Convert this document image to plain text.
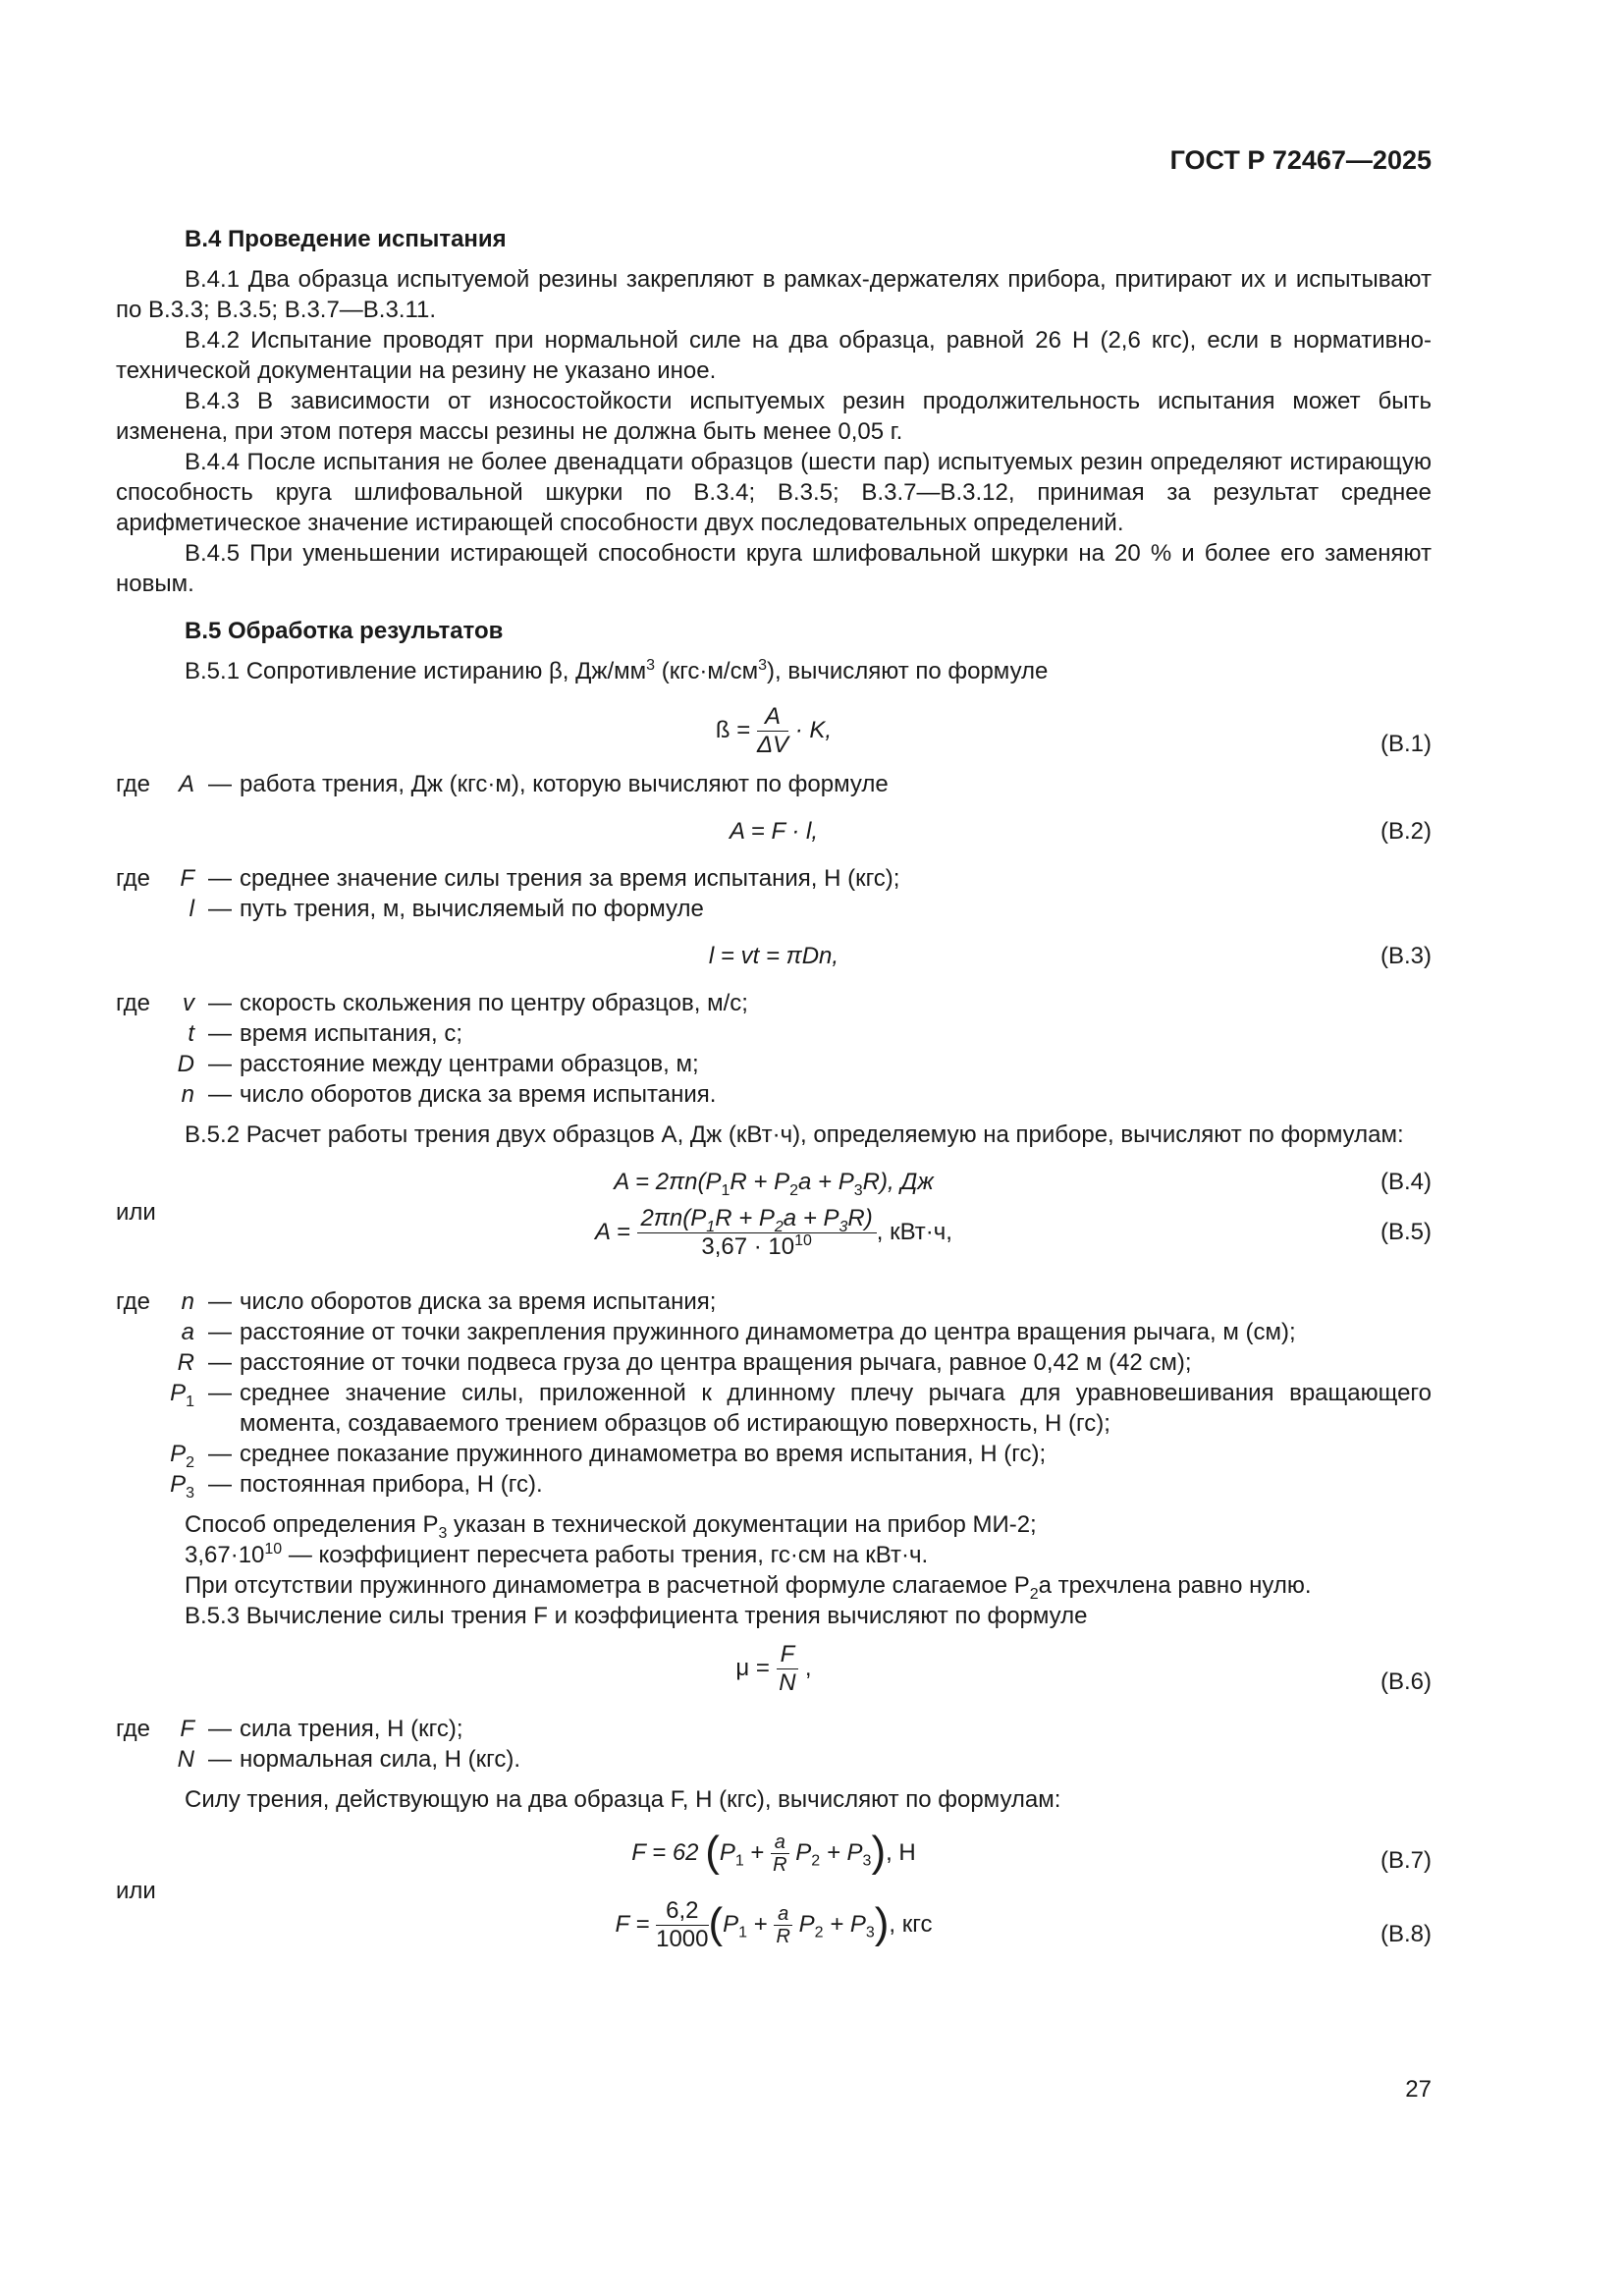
ГОСТ Р 72467—2025

В.4 Проведение испытания

В.4.1 Два образца испытуемой резины закрепляют в рамках-держателях прибора, притирают их и испытывают по В.3.3; В.3.5; В.3.7—В.3.11.

В.4.2 Испытание проводят при нормальной силе на два образца, равной 26 Н (2,6 кгс), если в нормативно-технической документации на резину не указано иное.

В.4.3 В зависимости от износостойкости испытуемых резин продолжительность испытания может быть изменена, при этом потеря массы резины не должна быть менее 0,05 г.

В.4.4 После испытания не более двенадцати образцов (шести пар) испытуемых резин определяют истирающую способность круга шлифовальной шкурки по В.3.4; В.3.5; В.3.7—В.3.12, принимая за результат среднее арифметическое значение истирающей способности двух последовательных определений.

В.4.5 При уменьшении истирающей способности круга шлифовальной шкурки на 20 % и более его заменяют новым.

В.5 Обработка результатов

В.5.1 Сопротивление истиранию β, $Дж/мм^3$ $(кгс\cdot м/см^3)$, вычисляют по формуле

ß = $\frac{A}{\Delta V} \cdot K$,
(В.1)
где	A — работа трения, Дж (кгс·м), которую вычисляют по формуле
A = F · l,	(В.2)
где	F — среднее значение силы трения за время испытания, Н (кгс);
l — путь трения, м, вычисляемый по формуле
l = vt = πDn,	(В.3)
где	v — скорость скольжения по центру образцов, м/с;
t — время испытания, с;
D — расстояние между центрами образцов, м;
n — число оборотов диска за время испытания.

В.5.2 Расчет работы трения двух образцов A, Дж (кВт·ч), определяемую на приборе, вычисляют по формулам:

$A = 2\pi n(P_1R + P_2a + P_3R)$, Дж	(В.4)
или
$A = \frac{2\pi n(P_1R + P_2a + P_3R)}{3,67 \cdot 10^{10}}$ , кВт·ч,	(В.5)
где	n — число оборотов диска за время испытания;
a — расстояние от точки закрепления пружинного динамометра до центра вращения рычага, м (см);
R — расстояние от точки подвеса груза до центра вращения рычага, равное 0,42 м (42 см);
$P_1$ — среднее значение силы, приложенной к длинному плечу рычага для уравновешивания вращающего момента, создаваемого трением образцов об истирающую поверхность, Н (гс);
$P_2$ — среднее показание пружинного динамометра во время испытания, Н (гс);
$P_3$ — постоянная прибора, Н (гс).

Способ определения $P_3$ указан в технической документации на прибор МИ-2;

$3,67\cdot 10^{10}$ — коэффициент пересчета работы трения, гс·см на кВт·ч.

При отсутствии пружинного динамометра в расчетной формуле слагаемое $P_2a$ трехчлена равно нулю.

В.5.3 Вычисление силы трения F и коэффициента трения вычисляют по формуле

$\mu = \frac{F}{N}$ ,
(В.6)
где	F — сила трения, Н (кгс);
N — нормальная сила, Н (кгс).

Силу трения, действующую на два образца F, Н (кгс), вычисляют по формулам:

F = 62 $(P_1 + \frac{a}{R} P_2 + P_3)$, Н	(В.7)
или
$F = \frac{6,2}{1000} (P_1 + \frac{a}{R} P_2 + P_3)$, кгс	(В.8)
27
